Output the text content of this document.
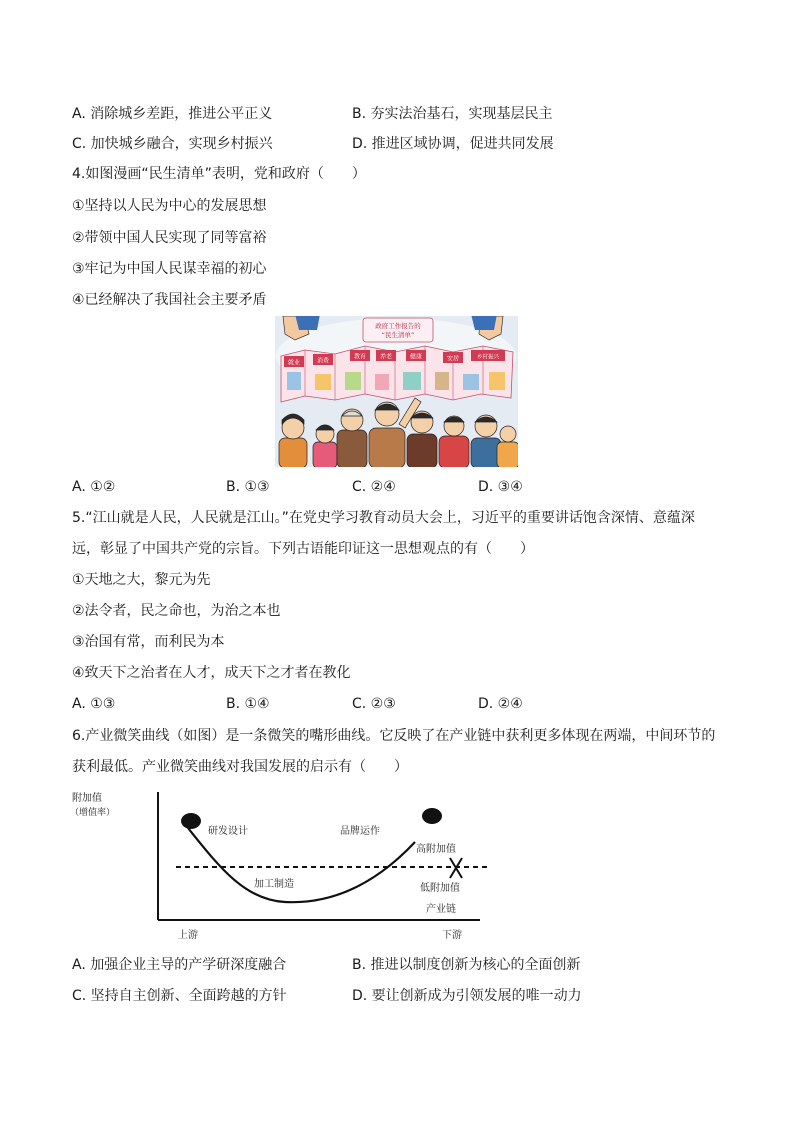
A. 消除城乡差距，推进公平正义	B. 夯实法治基石，实现基层民主
C. 加快城乡融合，实现乡村振兴	D. 推进区域协调，促进共同发展
4.如图漫画“民生清单”表明，党和政府（　　）
①坚持以人民为中心的发展思想
②带领中国人民实现了同等富裕
③牢记为中国人民谋幸福的初心
④已经解决了我国社会主要矛盾
政府工作报告的
“民生清单”
就业	消费
教育 养老	健康	安居	乡村振兴
A. ①②	B. ①③	C. ②④	D. ③④
5.“江山就是人民，人民就是江山。”在党史学习教育动员大会上，习近平的重要讲话饱含深情、意蕴深
远，彰显了中国共产党的宗旨。下列古语能印证这一思想观点的有（　　）
①天地之大，黎元为先
②法令者，民之命也，为治之本也
③治国有常，而利民为本
④致天下之治者在人才，成天下之才者在教化
A. ①③	B. ①④	C. ②③	D. ②④
6.产业微笑曲线（如图）是一条微笑的嘴形曲线。它反映了在产业链中获利更多体现在两端，中间环节的
获利最低。产业微笑曲线对我国发展的启示有（　　）
附加值
（增值率）
研发设计	品牌运作
高附加值
加工制造	低附加值
产业链
上游	下游
A. 加强企业主导的产学研深度融合	B. 推进以制度创新为核心的全面创新
C. 坚持自主创新、全面跨越的方针	D. 要让创新成为引领发展的唯一动力
